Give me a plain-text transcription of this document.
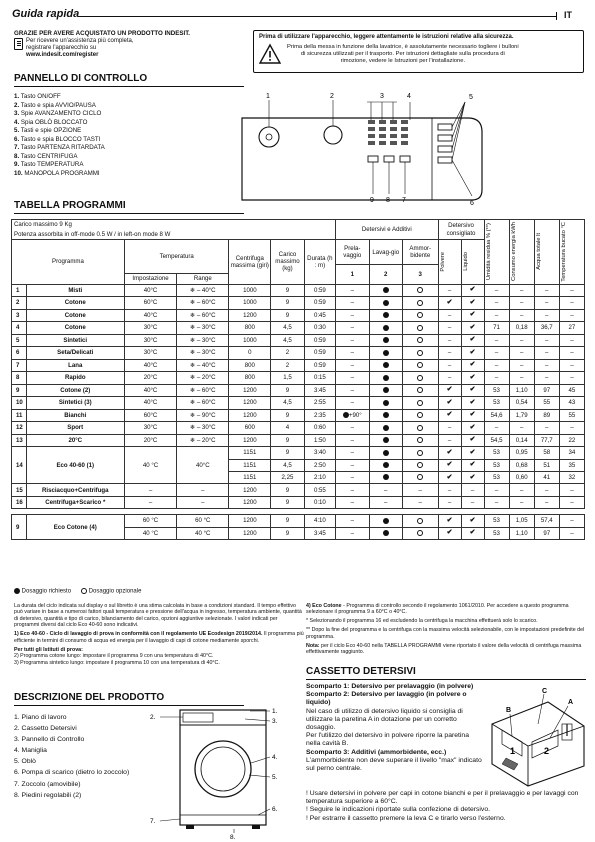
Guida rapida	IT
GRAZIE PER AVERE ACQUISTATO UN PRODOTTO INDESIT.
Per ricevere un'assistenza più completa,
registrare l'apparecchio su
www.indesit.com/register
Prima di utilizzare l'apparecchio, leggere attentamente le istruzioni relative alla sicurezza.
Prima della messa in funzione della lavatrice, è assolutamente necessario togliere i bulloni
di sicurezza utilizzati per il trasporto. Per istruzioni dettagliate sulla procedura di
rimozione, vedere le Istruzioni per l'installazione.
PANNELLO DI CONTROLLO
1. Tasto ON/OFF
2. Tasto e spia AVVIO/PAUSA
3. Spie AVANZAMENTO CICLO
4. Spia OBLÒ BLOCCATO
5. Tasti e spie OPZIONE
6. Tasto e spia BLOCCO TASTI
7. Tasto PARTENZA RITARDATA
8. Tasto CENTRIFUGA
9. Tasto TEMPERATURA
10. MANOPOLA PROGRAMMI
1	2	3	4	5
9 8 7	6
TABELLA PROGRAMMI
Carico massimo 9 Kg							Detersivi e Additivi			Detersivo consigliato		Umidità residua % (**)	Consumo energia kWh	Acqua totale lt	Temperatura bucato °C

Potenza assorbita in off-mode 0.5 W / in left-on mode 8 W															
Programma		Temperatura		Centrifuga massima (giri)	Carico massimo (kg)	Durata (h : m)	Prela-vaggio	Lavag-gio	Ammor-bidente	Polvere	Liquido				

							1	2	3						
		Impostazione	Range												
1	Misti	40°C	❄ – 40°C	1000	9	0:59	–			–	✔	–	–	–	–
2	Cotone	60°C	❄ – 60°C	1000	9	0:59	–			✔	✔	–	–	–	–
3	Cotone	40°C	❄ – 60°C	1200	9	0:45	–			–	✔	–	–	–	–
4	Cotone	30°C	❄ – 30°C	800	4,5	0:30	–			–	✔	71	0,18	36,7	27
5	Sintetici	30°C	❄ – 30°C	1000	4,5	0:59	–			–	✔	–	–	–	–
6	Seta/Delicati	30°C	❄ – 30°C	0	2	0:59	–			–	✔	–	–	–	–
7	Lana	40°C	❄ – 40°C	800	2	0:59	–			–	✔	–	–	–	–
8	Rapido	20°C	❄ – 20°C	800	1,5	0:15	–			–	✔	–	–	–	–
9	Cotone (2)	40°C	❄ – 60°C	1200	9	3:45	–			✔	✔	53	1,10	97	45
10	Sintetici (3)	40°C	❄ – 60°C	1200	4,5	2:55	–			✔	✔	53	0,54	55	43
11	Bianchi	60°C	❄ – 90°C	1200	9	2:35	+90°			✔	✔	54,6	1,79	89	55
12	Sport	30°C	❄ – 30°C	600	4	0:60	–			–	✔	–	–	–	–
13	20°C	20°C	❄ – 20°C	1200	9	1:50	–			–	✔	54,5	0,14	77,7	22
14	Eco 40-60 (1)	40 °C	40°C	1151	9	3:40	–			✔	✔	53	0,95	58	34
				1151	4,5	2:50	–			✔	✔	53	0,68	51	35
				1151	2,25	2:10	–			✔	✔	53	0,60	41	32
15	Risciacquo+Centrifuga	–	–	1200	9	0:55	–	–	–	–	–	–	–	–	–
16	Centrifuga+Scarico *	–	–	1200	9	0:10	–	–	–	–	–	–	–	–	–

9	Eco Cotone (4)	60 °C	60 °C	1200	9	4:10	–			✔	✔	53	1,05	57,4	–
		40 °C	40 °C	1200	9	3:45	–			✔	✔	53	1,10	97	–
Dosaggio richiesto	Dosaggio opzionale

La durata del ciclo indicata sul display o sul libretto è una stima calcolata in base a condizioni standard. Il tempo effettivo può variare in base a numerosi fattori quali temperatura e pressione dell'acqua in ingresso, temperatura ambiente, quantità di detersivo, quantità e tipo di carico, bilanciamento del carico, opzioni aggiuntive selezionate. I valori indicati per programmi diversi dal ciclo Eco 40-60 sono indicativi.

1) Eco 40-60 - Ciclo di lavaggio di prova in conformità con il regolamento UE Ecodesign 2019/2014. Il programma più efficiente in termini di consumo di acqua ed energia per il lavaggio di capi di cotone mediamente sporchi.

Per tutti gli Istituti di prova:

2) Programma cotone lungo: impostare il programma 9 con una temperatura di 40°C.

3) Programma sintetico lungo: impostare il programma 10 con una temperatura di 40°C.

4) Eco Cotone - Programma di controllo secondo il regolamento 1061/2010. Per accedere a questo programma selezionare il programma 9 a 60°C o 40°C.

* Selezionando il programma 16 ed escludendo la centrifuga la macchina effettuerà solo lo scarico.

** Dopo la fine del programma e la centrifuga con la massima velocità selezionabile, con le impostazioni predefinite del programma.

Nota: per il ciclo Eco 40-60 nella TABELLA PROGRAMMI viene riportato il valore della velocità di centrifuga massima effettivamente raggiunto.

DESCRIZIONE DEL PRODOTTO
1. Piano di lavoro
2. Cassetto Detersivi
3. Pannello di Controllo
4. Maniglia
5. Oblò
6. Pompa di scarico (dietro lo zoccolo)
7. Zoccolo (amovibile)
8. Piedini regolabili (2)
2.
1.
3.
4.
5.
6.
7.
8.
CASSETTO DETERSIVI
Scomparto 1: Detersivo per prelavaggio (in polvere)
Scomparto 2: Detersivo per lavaggio (in polvere o liquido)
Nel caso di utilizzo di detersivo liquido si consiglia di utilizzare la paretina A in dotazione per un corretto dosaggio.
Per l'utilizzo del detersivo in polvere riporre la paretina nella cavità B.
Scomparto 3: Additivi (ammorbidente, ecc.)
L'ammorbidente non deve superare il livello "max" indicato sul perno centrale.
! Usare detersivi in polvere per capi in cotone bianchi e per il prelavaggio e per lavaggi con temperatura superiore a 60°C.
! Seguire le indicazioni riportate sulla confezione di detersivo.
! Per estrarre il cassetto premere la leva C e tirarlo verso l'esterno.
C
B
A
1	2
